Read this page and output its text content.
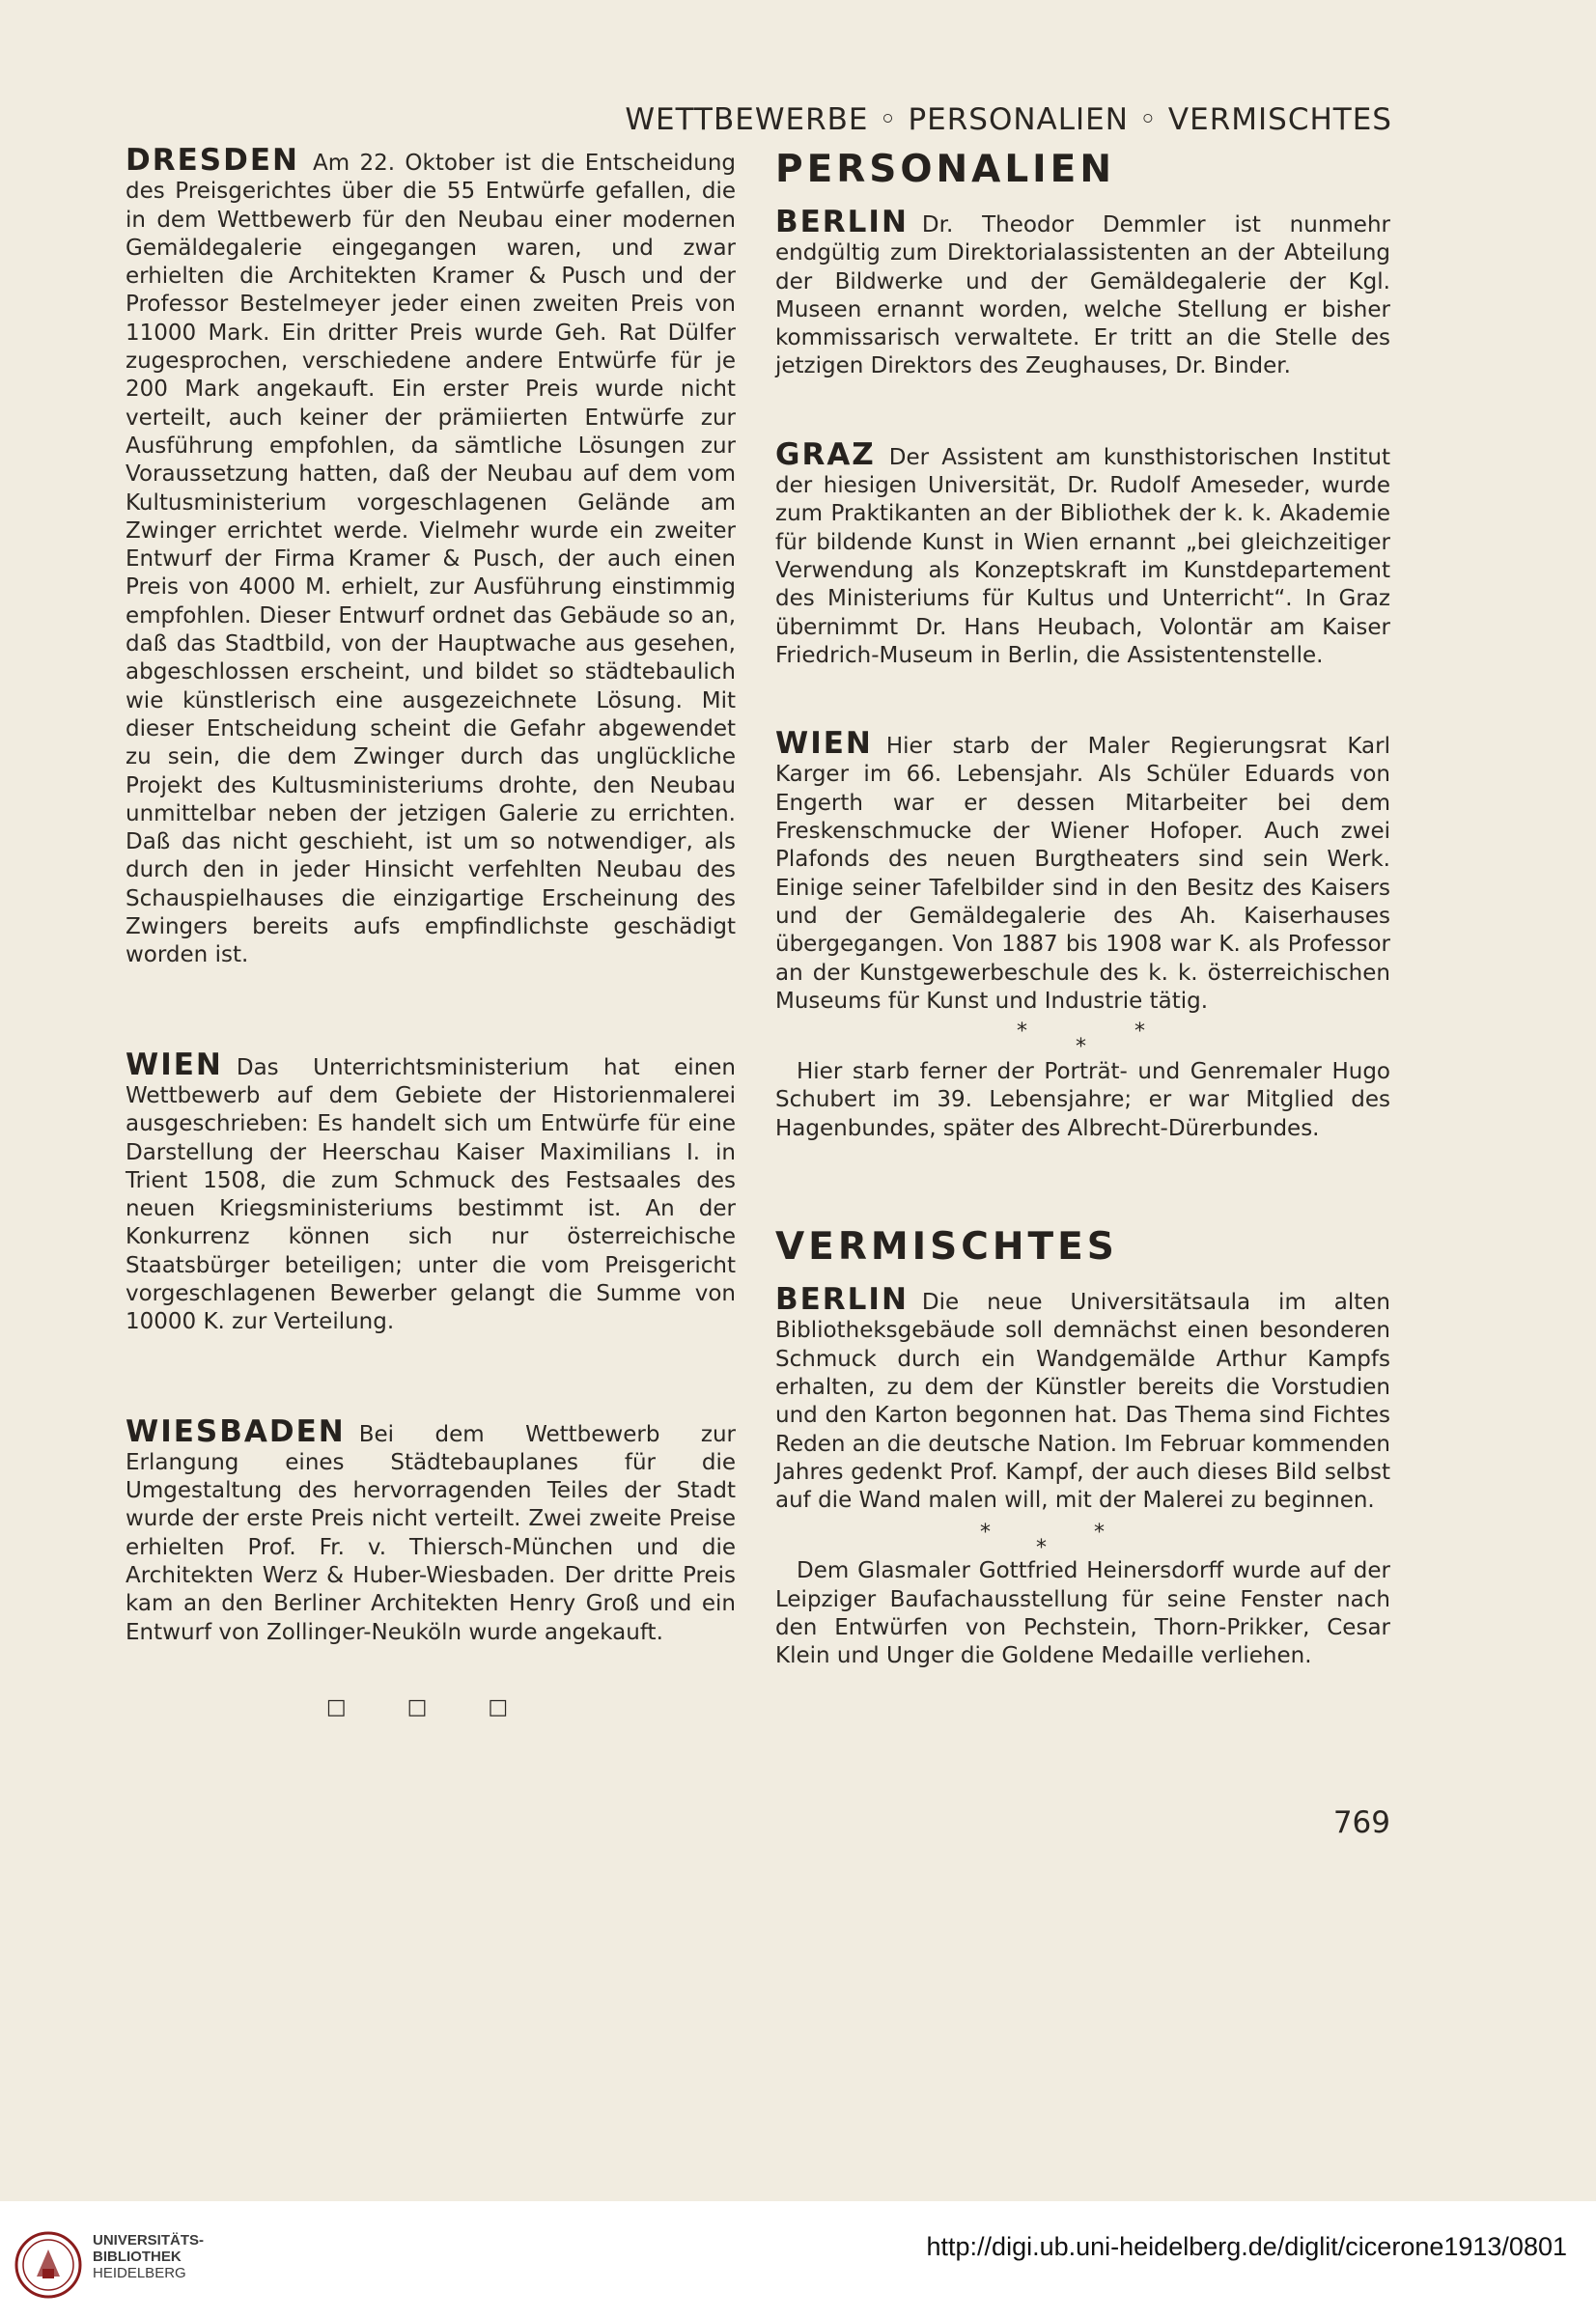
WETTBEWERBE ◦ PERSONALIEN ◦ VERMISCHTES

DRESDEN Am 22. Oktober ist die Entscheidung des Preisgerichtes über die 55 Entwürfe gefallen, die in dem Wettbewerb für den Neubau einer modernen Gemäldegalerie eingegangen waren, und zwar erhielten die Architekten Kramer & Pusch und der Professor Bestelmeyer jeder einen zweiten Preis von 11000 Mark. Ein dritter Preis wurde Geh. Rat Dülfer zugesprochen, verschiedene andere Entwürfe für je 200 Mark angekauft. Ein erster Preis wurde nicht verteilt, auch keiner der prämiierten Entwürfe zur Ausführung empfohlen, da sämtliche Lösungen zur Voraussetzung hatten, daß der Neubau auf dem vom Kultusministerium vorgeschlagenen Gelände am Zwinger errichtet werde. Vielmehr wurde ein zweiter Entwurf der Firma Kramer & Pusch, der auch einen Preis von 4000 M. erhielt, zur Ausführung einstimmig empfohlen. Dieser Entwurf ordnet das Gebäude so an, daß das Stadtbild, von der Hauptwache aus gesehen, abgeschlossen erscheint, und bildet so städtebaulich wie künstlerisch eine ausgezeichnete Lösung. Mit dieser Entscheidung scheint die Gefahr abgewendet zu sein, die dem Zwinger durch das unglückliche Projekt des Kultusministeriums drohte, den Neubau unmittelbar neben der jetzigen Galerie zu errichten. Daß das nicht geschieht, ist um so notwendiger, als durch den in jeder Hinsicht verfehlten Neubau des Schauspielhauses die einzigartige Erscheinung des Zwingers bereits aufs empfindlichste geschädigt worden ist.

WIEN Das Unterrichtsministerium hat einen Wettbewerb auf dem Gebiete der Historienmalerei ausgeschrieben: Es handelt sich um Entwürfe für eine Darstellung der Heerschau Kaiser Maximilians I. in Trient 1508, die zum Schmuck des Festsaales des neuen Kriegsministeriums bestimmt ist. An der Konkurrenz können sich nur österreichische Staatsbürger beteiligen; unter die vom Preisgericht vorgeschlagenen Bewerber gelangt die Summe von 10000 K. zur Verteilung.

WIESBADEN Bei dem Wettbewerb zur Erlangung eines Städtebauplanes für die Umgestaltung des hervorragenden Teiles der Stadt wurde der erste Preis nicht verteilt. Zwei zweite Preise erhielten Prof. Fr. v. Thiersch-München und die Architekten Werz & Huber-Wiesbaden. Der dritte Preis kam an den Berliner Architekten Henry Groß und ein Entwurf von Zollinger-Neuköln wurde angekauft.

□ □ □
PERSONALIEN

BERLIN Dr. Theodor Demmler ist nunmehr endgültig zum Direktorialassistenten an der Abteilung der Bildwerke und der Gemäldegalerie der Kgl. Museen ernannt worden, welche Stellung er bisher kommissarisch verwaltete. Er tritt an die Stelle des jetzigen Direktors des Zeughauses, Dr. Binder.

GRAZ Der Assistent am kunsthistorischen Institut der hiesigen Universität, Dr. Rudolf Ameseder, wurde zum Praktikanten an der Bibliothek der k. k. Akademie für bildende Kunst in Wien ernannt „bei gleichzeitiger Verwendung als Konzeptskraft im Kunstdepartement des Ministeriums für Kultus und Unterricht“. In Graz übernimmt Dr. Hans Heubach, Volontär am Kaiser Friedrich-Museum in Berlin, die Assistentenstelle.

WIEN Hier starb der Maler Regierungsrat Karl Karger im 66. Lebensjahr. Als Schüler Eduards von Engerth war er dessen Mitarbeiter bei dem Freskenschmucke der Wiener Hofoper. Auch zwei Plafonds des neuen Burgtheaters sind sein Werk. Einige seiner Tafelbilder sind in den Besitz des Kaisers und der Gemäldegalerie des Ah. Kaiserhauses übergegangen. Von 1887 bis 1908 war K. als Professor an der Kunstgewerbeschule des k. k. österreichischen Museums für Kunst und Industrie tätig.

*
*
*

Hier starb ferner der Porträt- und Genremaler Hugo Schubert im 39. Lebensjahre; er war Mitglied des Hagenbundes, später des Albrecht-Dürerbundes.

VERMISCHTES

BERLIN Die neue Universitätsaula im alten Bibliotheksgebäude soll demnächst einen besonderen Schmuck durch ein Wandgemälde Arthur Kampfs erhalten, zu dem der Künstler bereits die Vorstudien und den Karton begonnen hat. Das Thema sind Fichtes Reden an die deutsche Nation. Im Februar kommenden Jahres gedenkt Prof. Kampf, der auch dieses Bild selbst auf die Wand malen will, mit der Malerei zu beginnen.

*
*
*

Dem Glasmaler Gottfried Heinersdorff wurde auf der Leipziger Baufachausstellung für seine Fenster nach den Entwürfen von Pechstein, Thorn-Prikker, Cesar Klein und Unger die Goldene Medaille verliehen.

769
UNIVERSITÄTS-
BIBLIOTHEK
HEIDELBERG
http://digi.ub.uni-heidelberg.de/diglit/cicerone1913/0801
